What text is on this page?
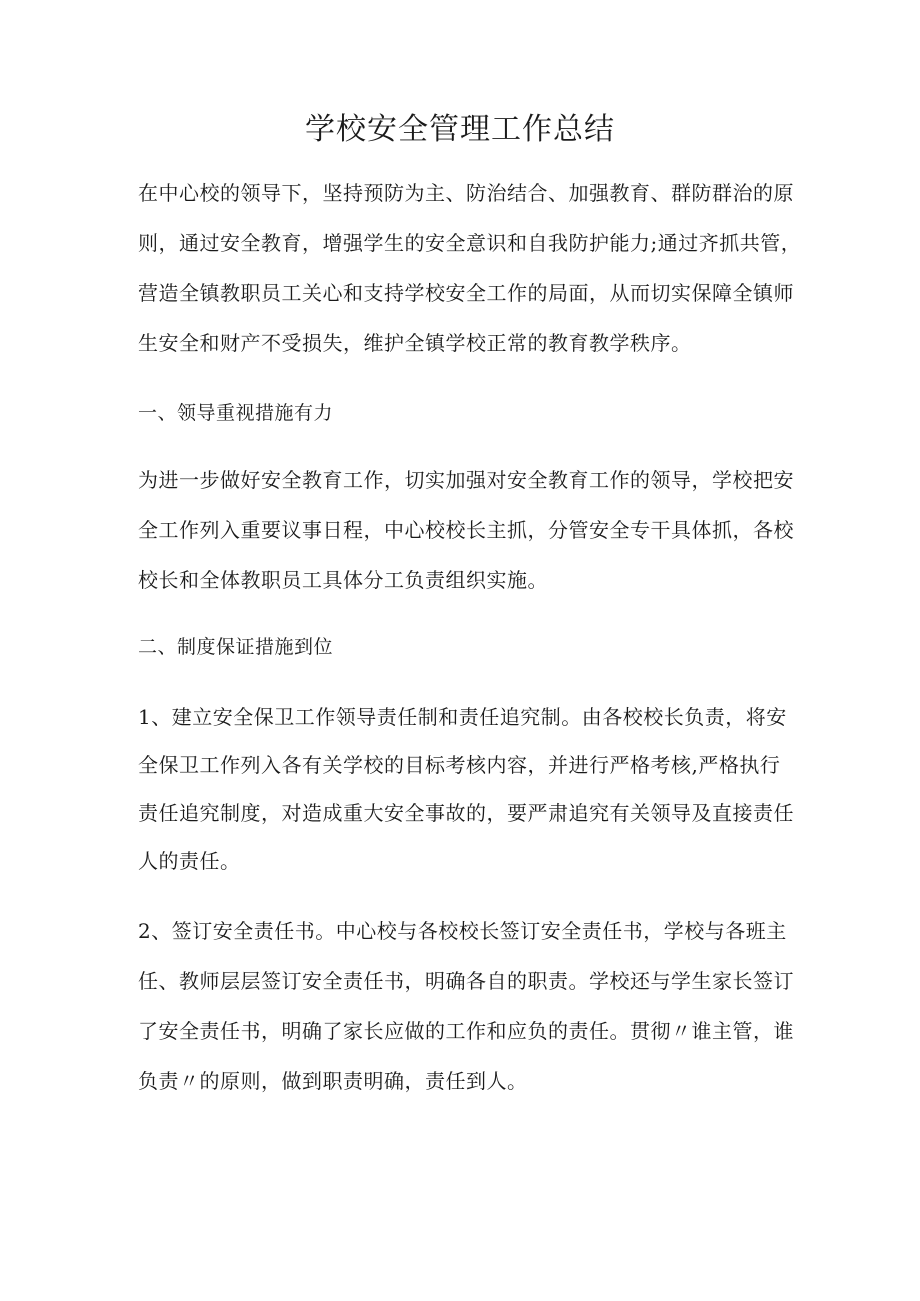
学校安全管理工作总结

在中心校的领导下，坚持预防为主、防治结合、加强教育、群防群治的原

则，通过安全教育，增强学生的安全意识和自我防护能力;通过齐抓共管，

营造全镇教职员工关心和支持学校安全工作的局面，从而切实保障全镇师

生安全和财产不受损失，维护全镇学校正常的教育教学秩序。

一、领导重视措施有力

为进一步做好安全教育工作，切实加强对安全教育工作的领导，学校把安

全工作列入重要议事日程，中心校校长主抓，分管安全专干具体抓，各校

校长和全体教职员工具体分工负责组织实施。

二、制度保证措施到位

1、建立安全保卫工作领导责任制和责任追究制。由各校校长负责，将安

全保卫工作列入各有关学校的目标考核内容，并进行严格考核,严格执行

责任追究制度，对造成重大安全事故的，要严肃追究有关领导及直接责任

人的责任。

2、签订安全责任书。中心校与各校校长签订安全责任书，学校与各班主

任、教师层层签订安全责任书，明确各自的职责。学校还与学生家长签订

了安全责任书，明确了家长应做的工作和应负的责任。贯彻〃谁主管，谁

负责〃的原则，做到职责明确，责任到人。
